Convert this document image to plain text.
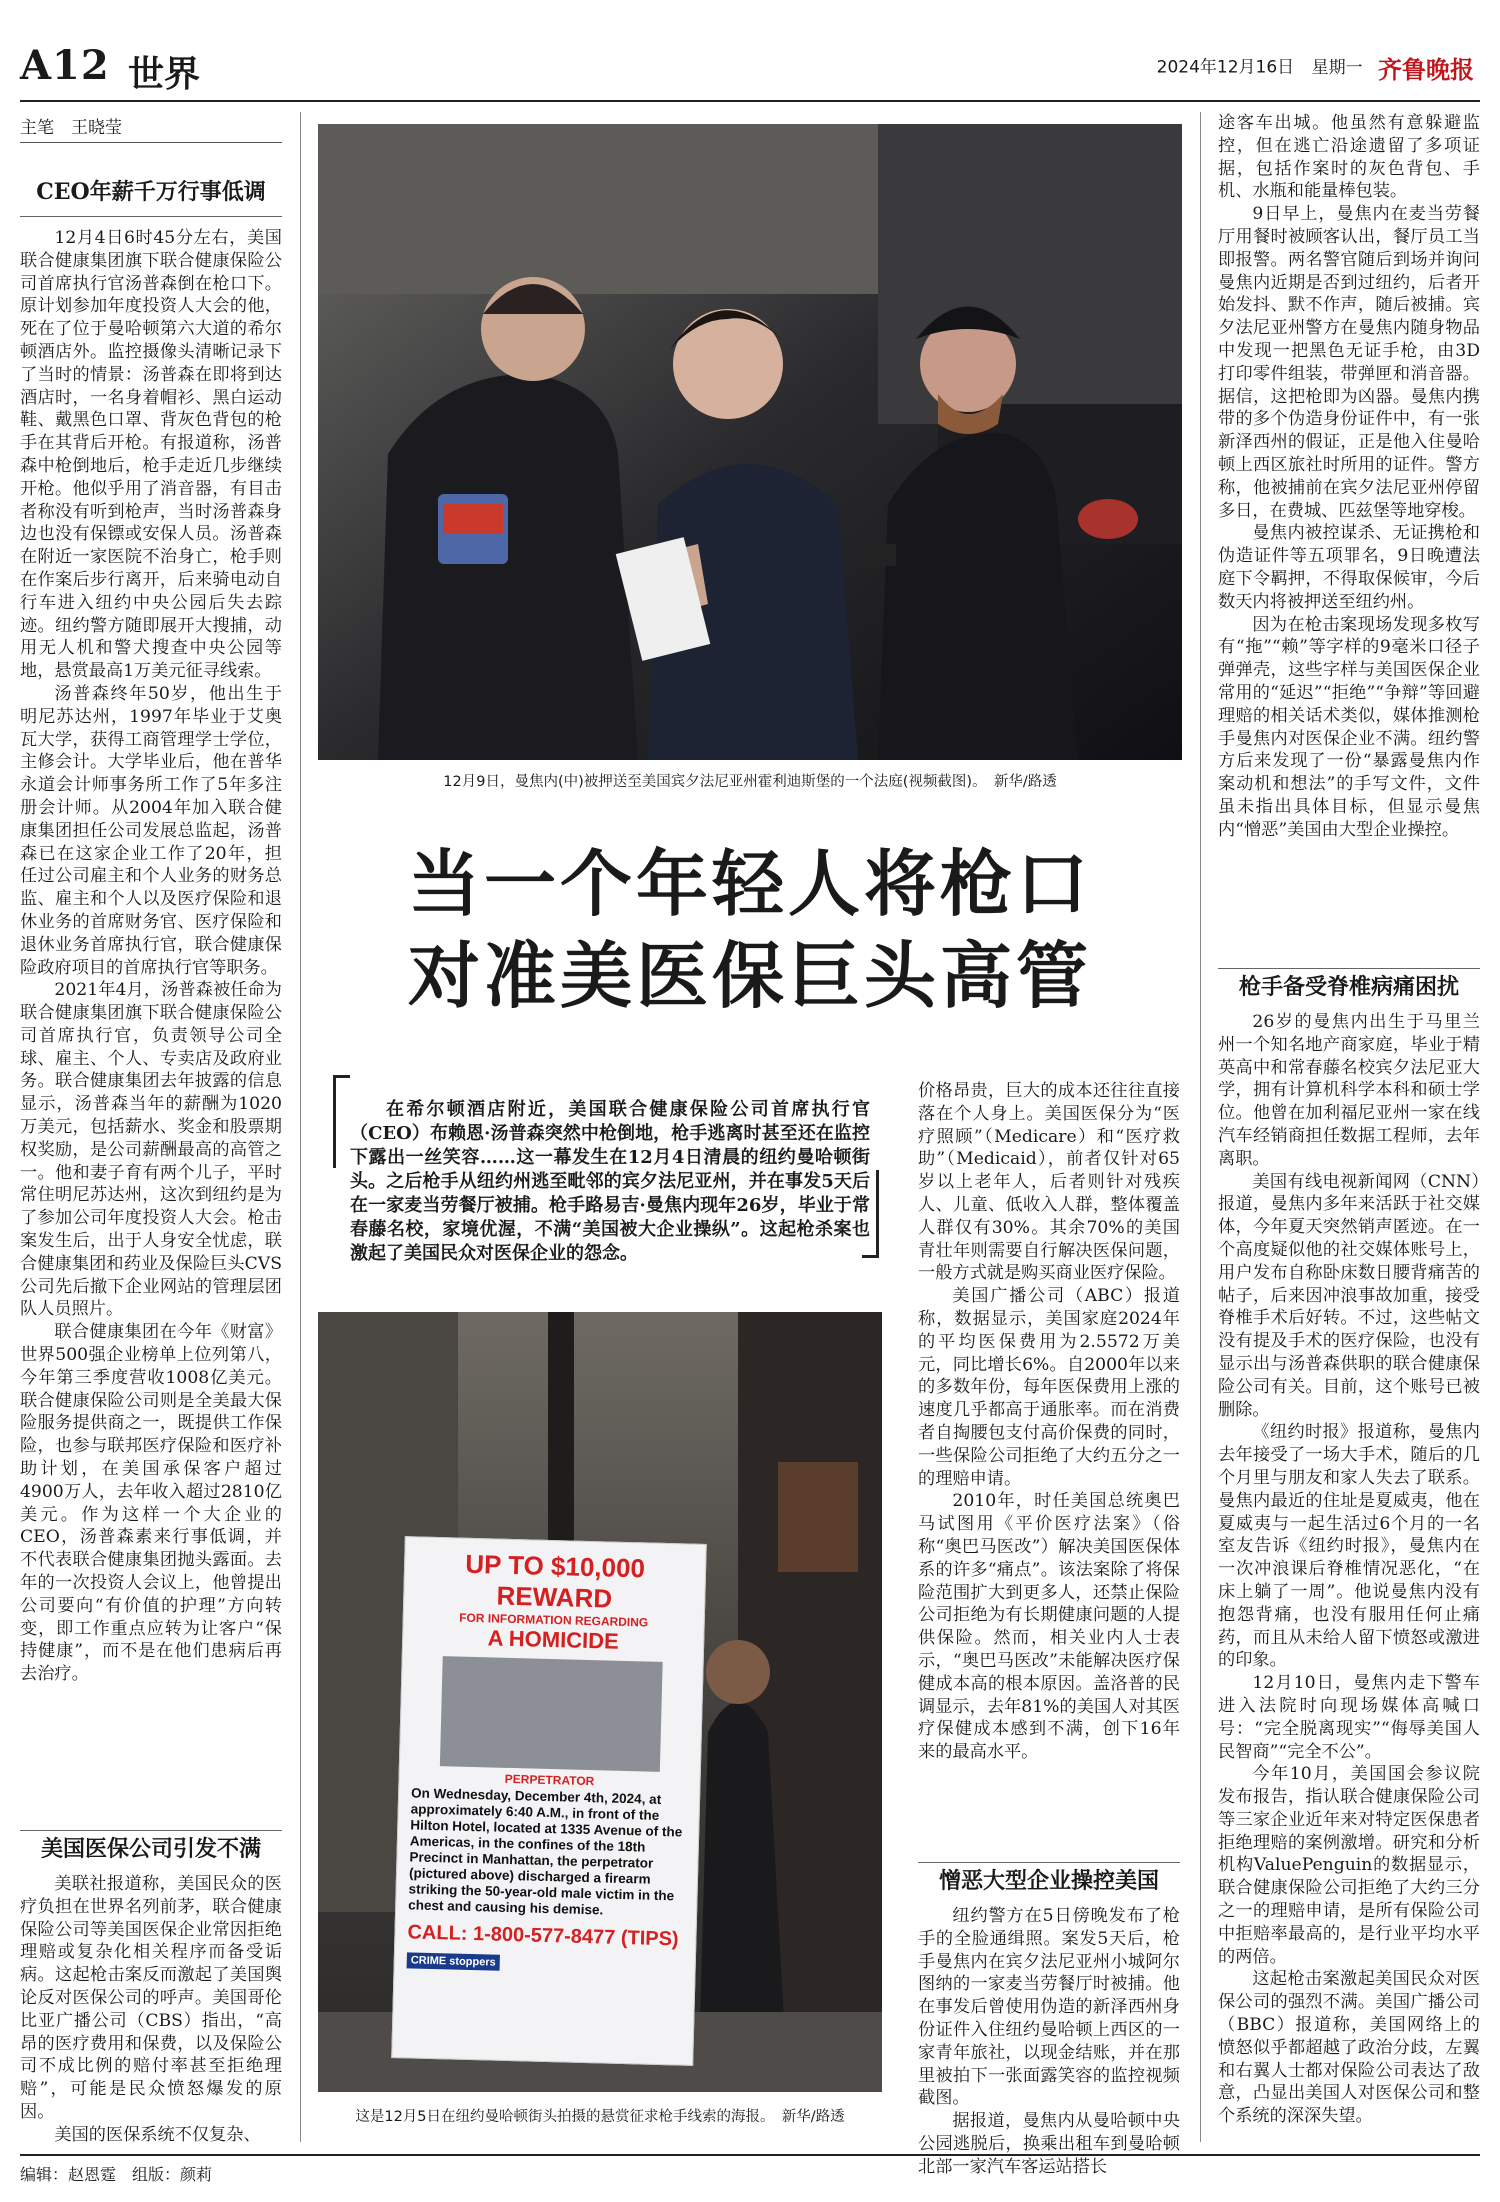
A12 世界	2024年12月16日 星期一 齐鲁晚报
主笔　王晓莹
CEO年薪千万行事低调

12月4日6时45分左右，美国联合健康集团旗下联合健康保险公司首席执行官汤普森倒在枪口下。原计划参加年度投资人大会的他，死在了位于曼哈顿第六大道的希尔顿酒店外。监控摄像头清晰记录下了当时的情景：汤普森在即将到达酒店时，一名身着帽衫、黑白运动鞋、戴黑色口罩、背灰色背包的枪手在其背后开枪。有报道称，汤普森中枪倒地后，枪手走近几步继续开枪。他似乎用了消音器，有目击者称没有听到枪声，当时汤普森身边也没有保镖或安保人员。汤普森在附近一家医院不治身亡，枪手则在作案后步行离开，后来骑电动自行车进入纽约中央公园后失去踪迹。纽约警方随即展开大搜捕，动用无人机和警犬搜查中央公园等地，悬赏最高1万美元征寻线索。

汤普森终年50岁，他出生于明尼苏达州，1997年毕业于艾奥瓦大学，获得工商管理学士学位，主修会计。大学毕业后，他在普华永道会计师事务所工作了5年多注册会计师。从2004年加入联合健康集团担任公司发展总监起，汤普森已在这家企业工作了20年，担任过公司雇主和个人业务的财务总监、雇主和个人以及医疗保险和退休业务的首席财务官、医疗保险和退休业务首席执行官，联合健康保险政府项目的首席执行官等职务。

2021年4月，汤普森被任命为联合健康集团旗下联合健康保险公司首席执行官，负责领导公司全球、雇主、个人、专卖店及政府业务。联合健康集团去年披露的信息显示，汤普森当年的薪酬为1020万美元，包括薪水、奖金和股票期权奖励，是公司薪酬最高的高管之一。他和妻子育有两个儿子，平时常住明尼苏达州，这次到纽约是为了参加公司年度投资人大会。枪击案发生后，出于人身安全忧虑，联合健康集团和药业及保险巨头CVS公司先后撤下企业网站的管理层团队人员照片。

联合健康集团在今年《财富》世界500强企业榜单上位列第八，今年第三季度营收1008亿美元。联合健康保险公司则是全美最大保险服务提供商之一，既提供工作保险，也参与联邦医疗保险和医疗补助计划，在美国承保客户超过4900万人，去年收入超过2810亿美元。作为这样一个大企业的CEO，汤普森素来行事低调，并不代表联合健康集团抛头露面。去年的一次投资人会议上，他曾提出公司要向“有价值的护理”方向转变，即工作重点应转为让客户“保持健康”，而不是在他们患病后再去治疗。

美国医保公司引发不满

美联社报道称，美国民众的医疗负担在世界名列前茅，联合健康保险公司等美国医保企业常因拒绝理赔或复杂化相关程序而备受诟病。这起枪击案反而激起了美国舆论反对医保公司的呼声。美国哥伦比亚广播公司（CBS）指出，“高昂的医疗费用和保费，以及保险公司不成比例的赔付率甚至拒绝理赔”，可能是民众愤怒爆发的原因。

美国的医保系统不仅复杂、

12月9日，曼焦内(中)被押送至美国宾夕法尼亚州霍利迪斯堡的一个法庭(视频截图)。　新华/路透
当一个年轻人将枪口
对准美医保巨头高管

在希尔顿酒店附近，美国联合健康保险公司首席执行官（CEO）布赖恩·汤普森突然中枪倒地，枪手逃离时甚至还在监控下露出一丝笑容……这一幕发生在12月4日清晨的纽约曼哈顿街头。之后枪手从纽约州逃至毗邻的宾夕法尼亚州，并在事发5天后在一家麦当劳餐厅被捕。枪手路易吉·曼焦内现年26岁，毕业于常春藤名校，家境优渥，不满“美国被大企业操纵”。这起枪杀案也激起了美国民众对医保企业的怨念。

UP TO $10,000 REWARD
FOR INFORMATION REGARDING
A HOMICIDE
PERPETRATOR
On Wednesday, December 4th, 2024, at approximately 6:40 A.M., in front of the Hilton Hotel, located at 1335 Avenue of the Americas, in the confines of the 18th Precinct in Manhattan, the perpetrator (pictured above) discharged a firearm striking the 50-year-old male victim in the chest and causing his demise.
CALL: 1-800-577-8477 (TIPS)
CRIME stoppers
这是12月5日在纽约曼哈顿街头拍摄的悬赏征求枪手线索的海报。　新华/路透

价格昂贵，巨大的成本还往往直接落在个人身上。美国医保分为“医疗照顾”（Medicare）和“医疗救助”（Medicaid），前者仅针对65岁以上老年人，后者则针对残疾人、儿童、低收入人群，整体覆盖人群仅有30%。其余70%的美国青壮年则需要自行解决医保问题，一般方式就是购买商业医疗保险。

美国广播公司（ABC）报道称，数据显示，美国家庭2024年的平均医保费用为2.5572万美元，同比增长6%。自2000年以来的多数年份，每年医保费用上涨的速度几乎都高于通胀率。而在消费者自掏腰包支付高价保费的同时，一些保险公司拒绝了大约五分之一的理赔申请。

2010年，时任美国总统奥巴马试图用《平价医疗法案》（俗称“奥巴马医改”）解决美国医保体系的许多“痛点”。该法案除了将保险范围扩大到更多人，还禁止保险公司拒绝为有长期健康问题的人提供保险。然而，相关业内人士表示，“奥巴马医改”未能解决医疗保健成本高的根本原因。盖洛普的民调显示，去年81%的美国人对其医疗保健成本感到不满，创下16年来的最高水平。

憎恶大型企业操控美国

纽约警方在5日傍晚发布了枪手的全脸通缉照。案发5天后，枪手曼焦内在宾夕法尼亚州小城阿尔图纳的一家麦当劳餐厅时被捕。他在事发后曾使用伪造的新泽西州身份证件入住纽约曼哈顿上西区的一家青年旅社，以现金结账，并在那里被拍下一张面露笑容的监控视频截图。

据报道，曼焦内从曼哈顿中央公园逃脱后，换乘出租车到曼哈顿北部一家汽车客运站搭长

途客车出城。他虽然有意躲避监控，但在逃亡沿途遗留了多项证据，包括作案时的灰色背包、手机、水瓶和能量棒包装。

9日早上，曼焦内在麦当劳餐厅用餐时被顾客认出，餐厅员工当即报警。两名警官随后到场并询问曼焦内近期是否到过纽约，后者开始发抖、默不作声，随后被捕。宾夕法尼亚州警方在曼焦内随身物品中发现一把黑色无证手枪，由3D打印零件组装，带弹匣和消音器。据信，这把枪即为凶器。曼焦内携带的多个伪造身份证件中，有一张新泽西州的假证，正是他入住曼哈顿上西区旅社时所用的证件。警方称，他被捕前在宾夕法尼亚州停留多日，在费城、匹兹堡等地穿梭。

曼焦内被控谋杀、无证携枪和伪造证件等五项罪名，9日晚遭法庭下令羁押，不得取保候审，今后数天内将被押送至纽约州。

因为在枪击案现场发现多枚写有“拖”“赖”等字样的9毫米口径子弹弹壳，这些字样与美国医保企业常用的“延迟”“拒绝”“争辩”等回避理赔的相关话术类似，媒体推测枪手曼焦内对医保企业不满。纽约警方后来发现了一份“暴露曼焦内作案动机和想法”的手写文件，文件虽未指出具体目标，但显示曼焦内“憎恶”美国由大型企业操控。

枪手备受脊椎病痛困扰

26岁的曼焦内出生于马里兰州一个知名地产商家庭，毕业于精英高中和常春藤名校宾夕法尼亚大学，拥有计算机科学本科和硕士学位。他曾在加利福尼亚州一家在线汽车经销商担任数据工程师，去年离职。

美国有线电视新闻网（CNN）报道，曼焦内多年来活跃于社交媒体，今年夏天突然销声匿迹。在一个高度疑似他的社交媒体账号上，用户发布自称卧床数日腰背痛苦的帖子，后来因冲浪事故加重，接受脊椎手术后好转。不过，这些帖文没有提及手术的医疗保险，也没有显示出与汤普森供职的联合健康保险公司有关。目前，这个账号已被删除。

《纽约时报》报道称，曼焦内去年接受了一场大手术，随后的几个月里与朋友和家人失去了联系。曼焦内最近的住址是夏威夷，他在夏威夷与一起生活过6个月的一名室友告诉《纽约时报》，曼焦内在一次冲浪课后脊椎情况恶化，“在床上躺了一周”。他说曼焦内没有抱怨背痛，也没有服用任何止痛药，而且从未给人留下愤怒或激进的印象。

12月10日，曼焦内走下警车进入法院时向现场媒体高喊口号：“完全脱离现实”“侮辱美国人民智商”“完全不公”。

今年10月，美国国会参议院发布报告，指认联合健康保险公司等三家企业近年来对特定医保患者拒绝理赔的案例激增。研究和分析机构ValuePenguin的数据显示，联合健康保险公司拒绝了大约三分之一的理赔申请，是所有保险公司中拒赔率最高的，是行业平均水平的两倍。

这起枪击案激起美国民众对医保公司的强烈不满。美国广播公司（BBC）报道称，美国网络上的愤怒似乎都超越了政治分歧，左翼和右翼人士都对保险公司表达了敌意，凸显出美国人对医保公司和整个系统的深深失望。

编辑：赵恩霆　组版：颜莉
